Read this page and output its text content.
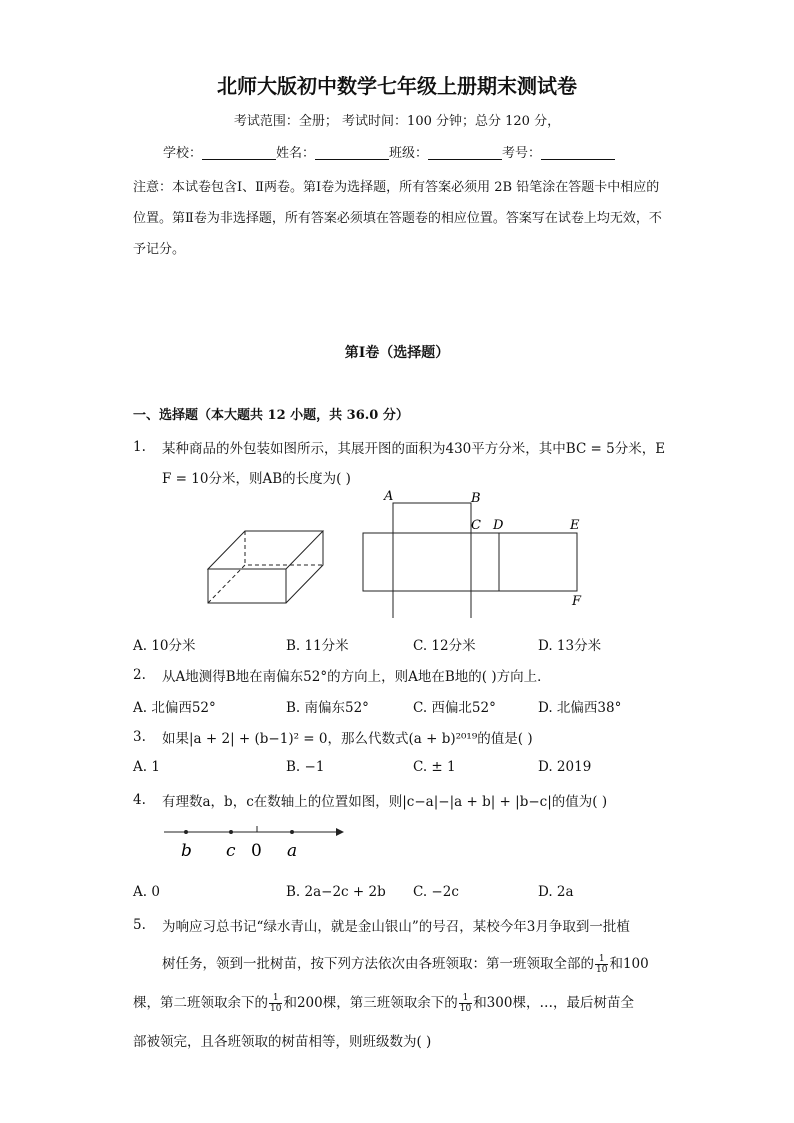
北师大版初中数学七年级上册期末测试卷
考试范围：全册； 考试时间：100 分钟；总分 120 分，
学校：	姓名：	班级：	考号：
注意：本试卷包含Ⅰ、Ⅱ两卷。第Ⅰ卷为选择题，所有答案必须用 2B 铅笔涂在答题卡中相应的位置。第Ⅱ卷为非选择题，所有答案必须填在答题卷的相应位置。答案写在试卷上均无效，不予记分。
第Ⅰ卷（选择题）
一、选择题（本大题共 12 小题，共 36.0 分）
1. 某种商品的外包装如图所示，其展开图的面积为430平方分米，其中BC = 5分米，E
F = 10分米，则AB的长度为( )
A	B
C D	E
F
A. 10分米	B. 11分米	C. 12分米	D. 13分米
2. 从A地测得B地在南偏东52°的方向上，则A地在B地的( )方向上．
A. 北偏西52°	B. 南偏东52°	C. 西偏北52°	D. 北偏西38°
3. 如果|a + 2| + (b−1)² = 0，那么代数式(a + b)²⁰¹⁹的值是( )
A. 1	B. −1	C. ± 1	D. 2019
4. 有理数a，b，c在数轴上的位置如图，则|c−a|−|a + b| + |b−c|的值为( )
b c 0 a
A. 0	B. 2a−2c + 2b C. −2c	D. 2a
5. 为响应习总书记“绿水青山，就是金山银山”的号召，某校今年3月争取到一批植
树任务，领到一批树苗，按下列方法依次由各班领取：第一班领取全部的 $\frac{1}{10}$ 和100
棵，第二班领取余下的 $\frac{1}{10}$ 和200棵，第三班领取余下的 $\frac{1}{10}$ 和300棵，…，最后树苗全
部被领完，且各班领取的树苗相等，则班级数为( )
